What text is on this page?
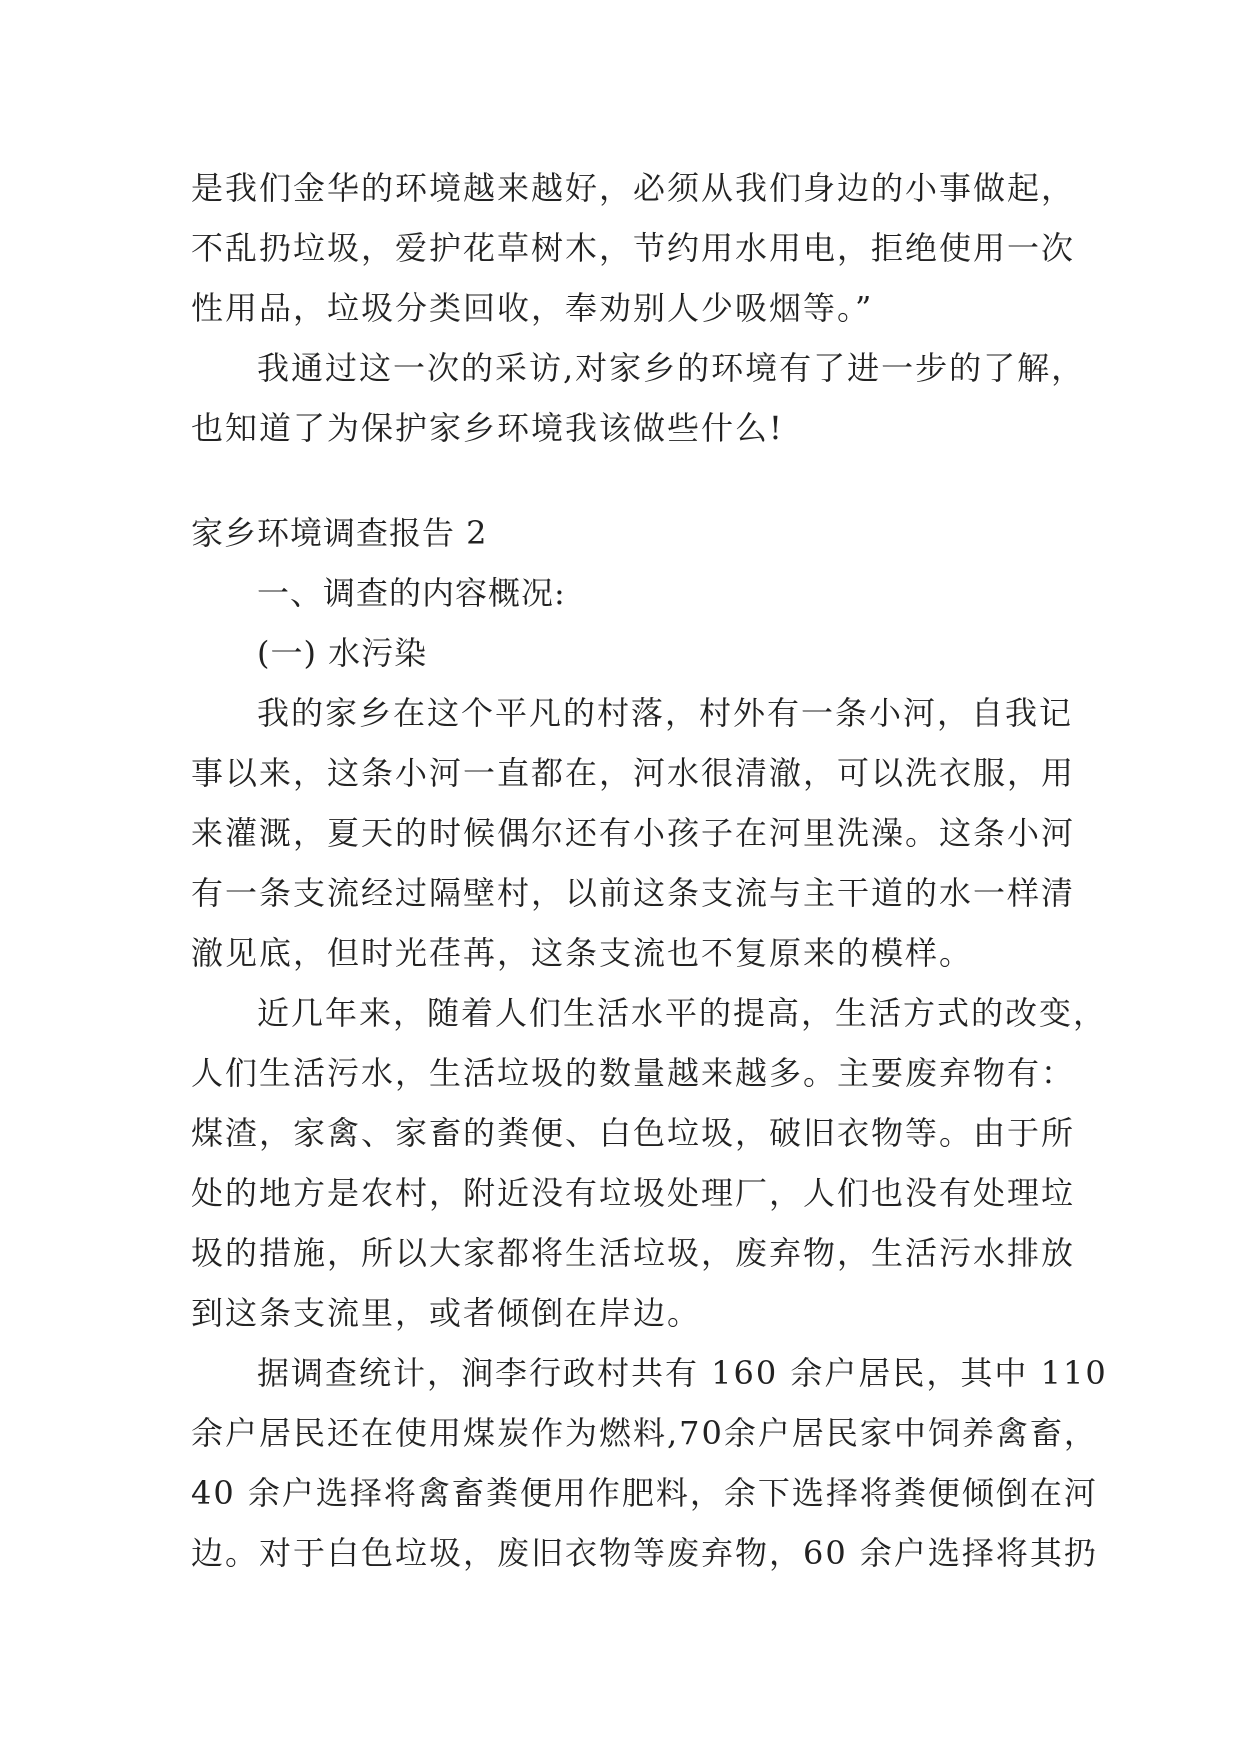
是我们金华的环境越来越好，必须从我们身边的小事做起，
不乱扔垃圾，爱护花草树木，节约用水用电，拒绝使用一次
性用品，垃圾分类回收，奉劝别人少吸烟等。”
我通过这一次的采访,对家乡的环境有了进一步的了解，
也知道了为保护家乡环境我该做些什么!
家乡环境调查报告 2
一、调查的内容概况:
(一) 水污染
我的家乡在这个平凡的村落，村外有一条小河，自我记
事以来，这条小河一直都在，河水很清澈，可以洗衣服，用
来灌溉，夏天的时候偶尔还有小孩子在河里洗澡。这条小河
有一条支流经过隔壁村，以前这条支流与主干道的水一样清
澈见底，但时光荏苒，这条支流也不复原来的模样。
近几年来，随着人们生活水平的提高，生活方式的改变，
人们生活污水，生活垃圾的数量越来越多。主要废弃物有：
煤渣，家禽、家畜的粪便、白色垃圾，破旧衣物等。由于所
处的地方是农村，附近没有垃圾处理厂，人们也没有处理垃
圾的措施，所以大家都将生活垃圾，废弃物，生活污水排放
到这条支流里，或者倾倒在岸边。
据调查统计，涧李行政村共有 160 余户居民，其中 110
余户居民还在使用煤炭作为燃料,70余户居民家中饲养禽畜，
40 余户选择将禽畜粪便用作肥料，余下选择将粪便倾倒在河
边。对于白色垃圾，废旧衣物等废弃物，60 余户选择将其扔
